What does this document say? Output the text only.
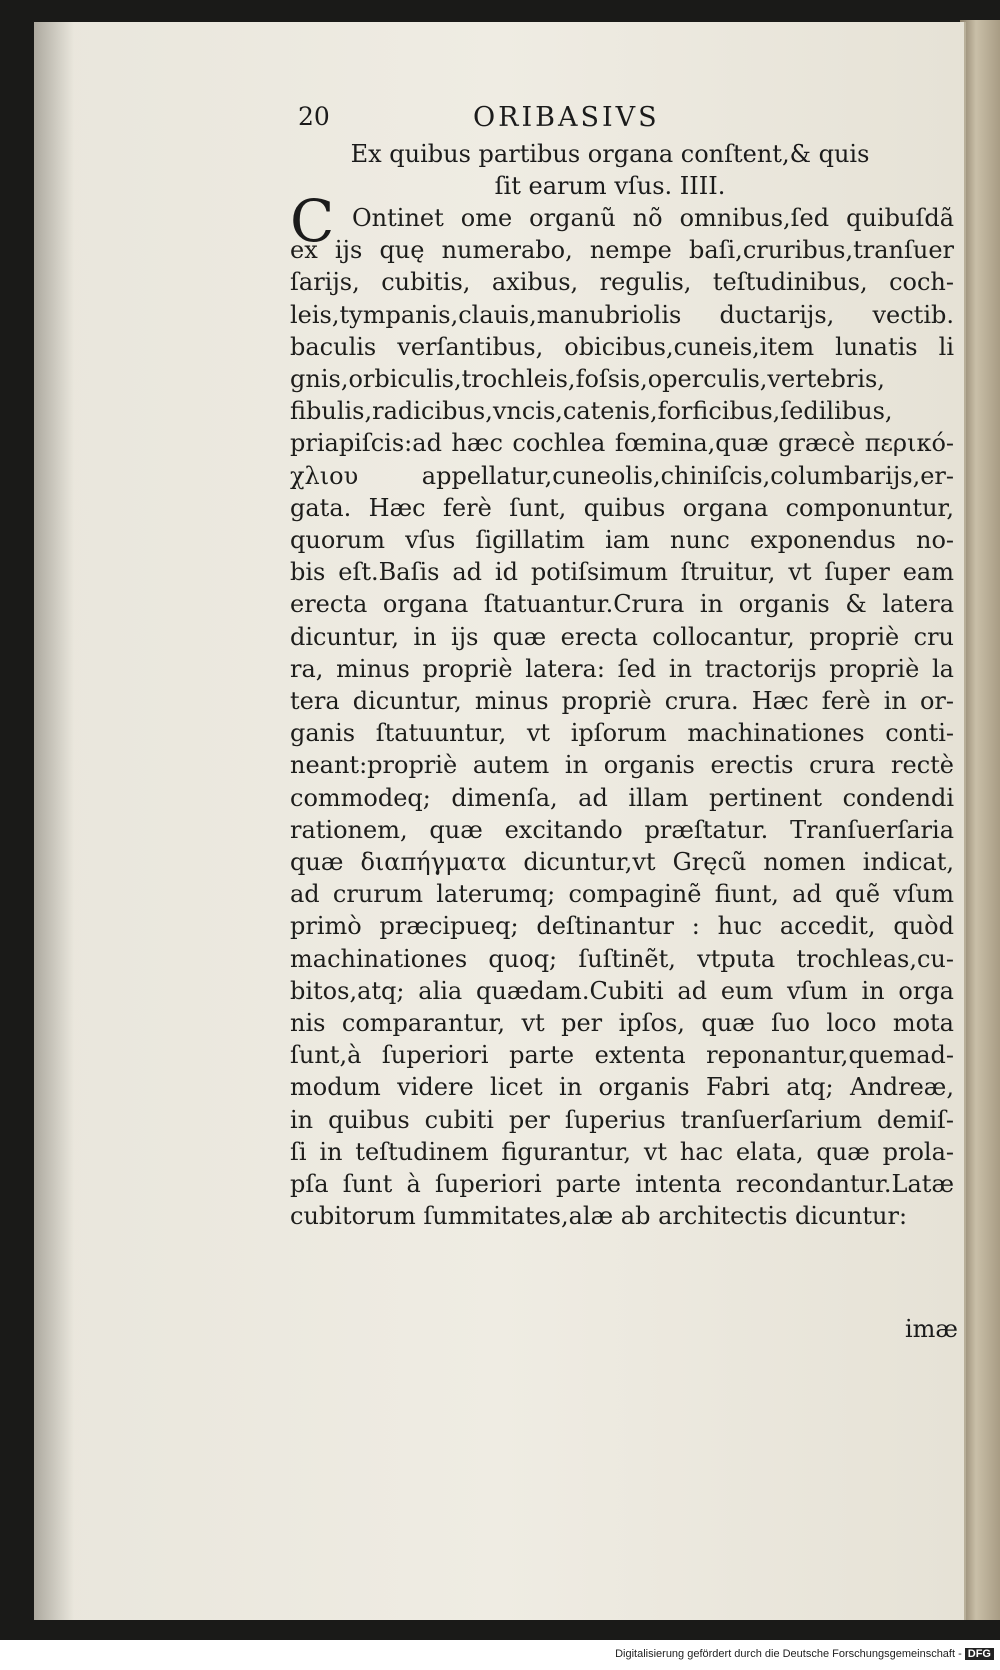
20	ORIBASIVS
Ex quibus partibus organa conſtent,& quis
ſit earum vſus. IIII.
C Ontinet ome organũ nõ omnibus,ſed quibuſdã
ex ijs quę numerabo, nempe baſi,cruribus,tranſuer
ſarijs, cubitis, axibus, regulis, teſtudinibus, coch-
leis,tympanis,clauis,manubriolis ductarijs, vectib.
baculis verſantibus, obicibus,cuneis,item lunatis li
gnis,orbiculis,trochleis,foſsis,operculis,vertebris,
fibulis,radicibus,vncis,catenis,forficibus,ſedilibus,
priapiſcis:ad hæc cochlea fœmina,quæ græcè περικό-
χλιου appellatur,cuneolis,chiniſcis,columbarijs,er-
gata. Hæc ferè ſunt, quibus organa componuntur,
quorum vſus ſigillatim iam nunc exponendus no-
bis eſt.Baſis ad id potiſsimum ſtruitur, vt ſuper eam
erecta organa ſtatuantur.Crura in organis & latera
dicuntur, in ijs quæ erecta collocantur, propriè cru
ra, minus propriè latera: ſed in tractorijs propriè la
tera dicuntur, minus propriè crura. Hæc ferè in or-
ganis ſtatuuntur, vt ipſorum machinationes conti-
neant:propriè autem in organis erectis crura rectè
commodeq; dimenſa, ad illam pertinent condendi
rationem, quæ excitando præſtatur. Tranſuerſaria
quæ διαπήγματα dicuntur,vt Gręcũ nomen indicat,
ad crurum laterumq; compaginẽ fiunt, ad quẽ vſum
primò præcipueq; deſtinantur : huc accedit, quòd
machinationes quoq; ſuſtinẽt, vtputa trochleas,cu-
bitos,atq; alia quædam.Cubiti ad eum vſum in orga
nis comparantur, vt per ipſos, quæ ſuo loco mota
ſunt,à ſuperiori parte extenta reponantur,quemad-
modum videre licet in organis Fabri atq; Andreæ,
in quibus cubiti per ſuperius tranſuerſarium demiſ-
ſi in teſtudinem figurantur, vt hac elata, quæ prola-
pſa ſunt à ſuperiori parte intenta recondantur.Latæ
cubitorum ſummitates,alæ ab architectis dicuntur:
imæ
Digitalisierung gefördert durch die Deutsche Forschungsgemeinschaft - DFG
